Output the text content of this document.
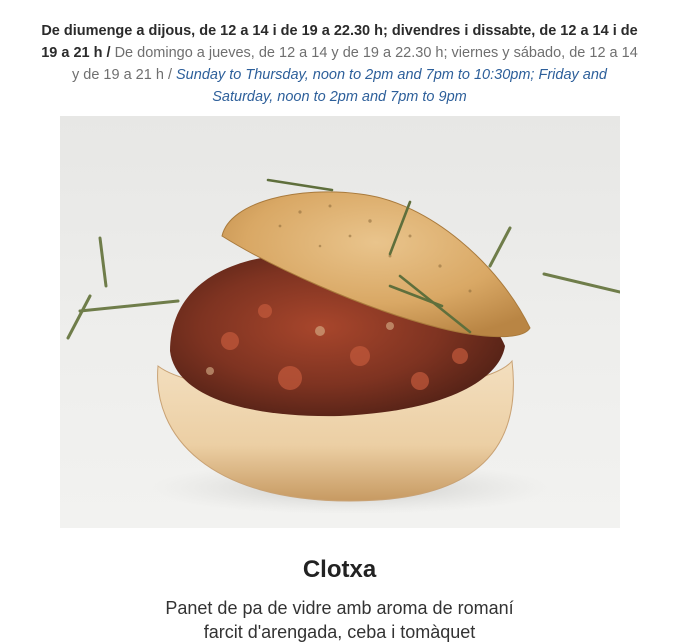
De diumenge a dijous, de 12 a 14 i de 19 a 22.30 h; divendres i dissabte, de 12 a 14 i de 19 a 21 h / De domingo a jueves, de 12 a 14 y de 19 a 22.30 h; viernes y sábado, de 12 a 14 y de 19 a 21 h / Sunday to Thursday, noon to 2pm and 7pm to 10:30pm; Friday and Saturday, noon to 2pm and 7pm to 9pm
Clotxa
Panet de pa de vidre amb aroma de romaní
farcit d'arengada, ceba i tomàquet
